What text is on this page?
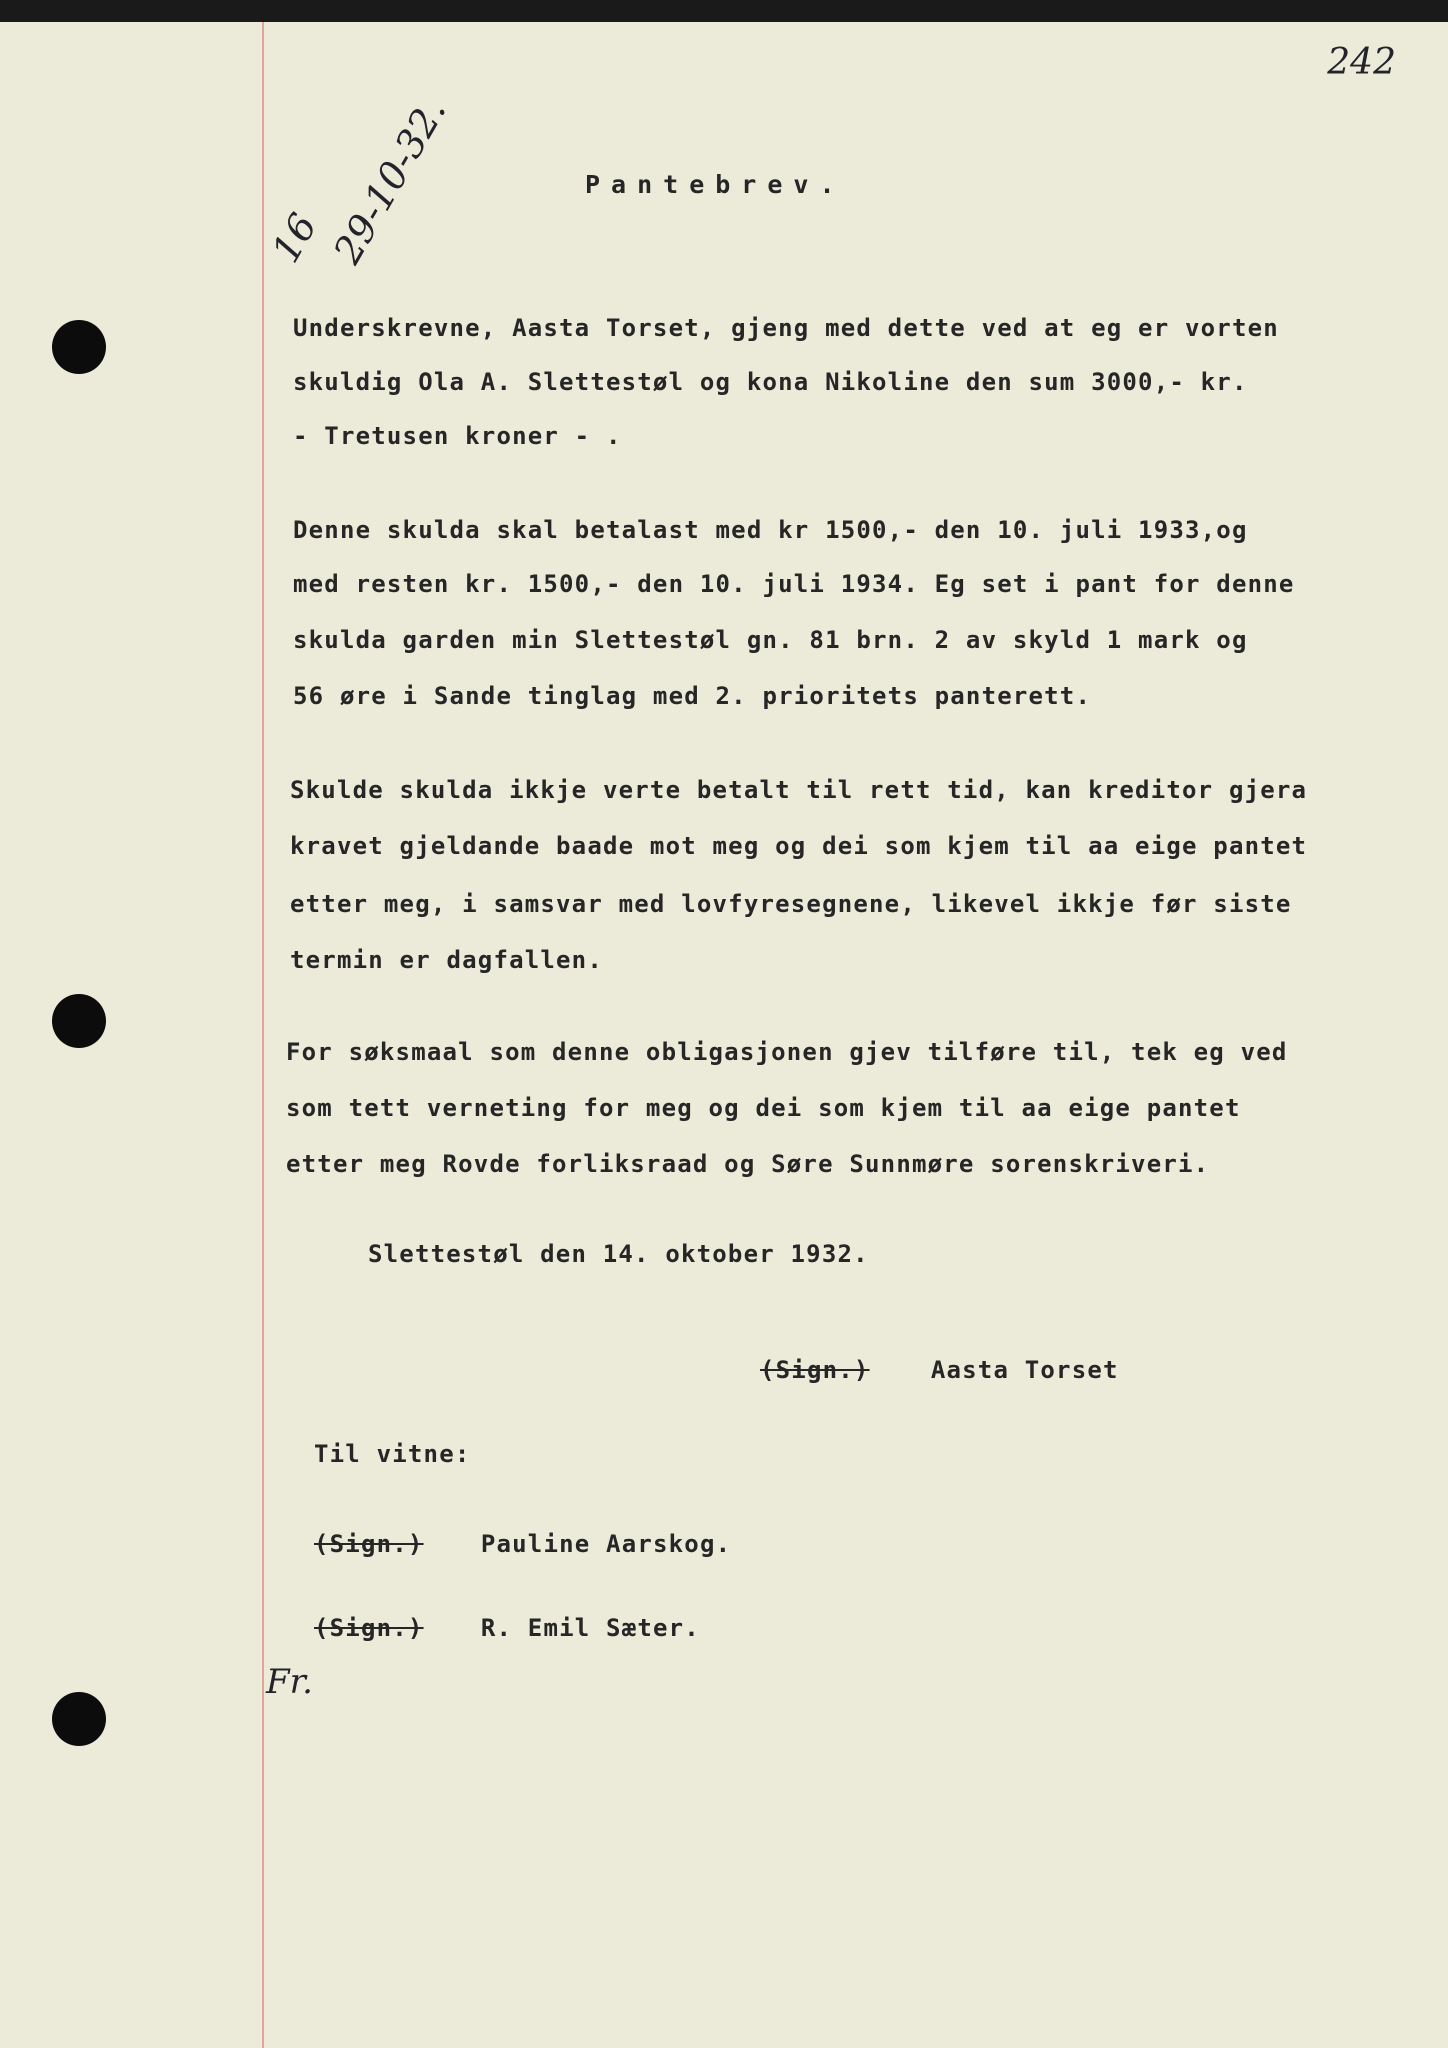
242
16 29-10-32.	Pantebrev.
Underskrevne, Aasta Torset, gjeng med dette ved at eg er vorten
skuldig Ola A. Slettestøl og kona Nikoline den sum 3000,- kr.
- Tretusen kroner - .
Denne skulda skal betalast med kr 1500,- den 10. juli 1933,og
med resten kr. 1500,- den 10. juli 1934. Eg set i pant for denne
skulda garden min Slettestøl gn. 81 brn. 2 av skyld 1 mark og
56 øre i Sande tinglag med 2. prioritets panterett.
Skulde skulda ikkje verte betalt til rett tid, kan kreditor gjera
kravet gjeldande baade mot meg og dei som kjem til aa eige pantet
etter meg, i samsvar med lovfyresegnene, likevel ikkje før siste
termin er dagfallen.
For søksmaal som denne obligasjonen gjev tilføre til, tek eg ved
som tett verneting for meg og dei som kjem til aa eige pantet
etter meg Rovde forliksraad og Søre Sunnmøre sorenskriveri.
Slettestøl den 14. oktober 1932.
(Sign.)	Aasta Torset
Til vitne:
(Sign.) Pauline Aarskog.
(Sign.) R. Emil Sæter.
Fr.
